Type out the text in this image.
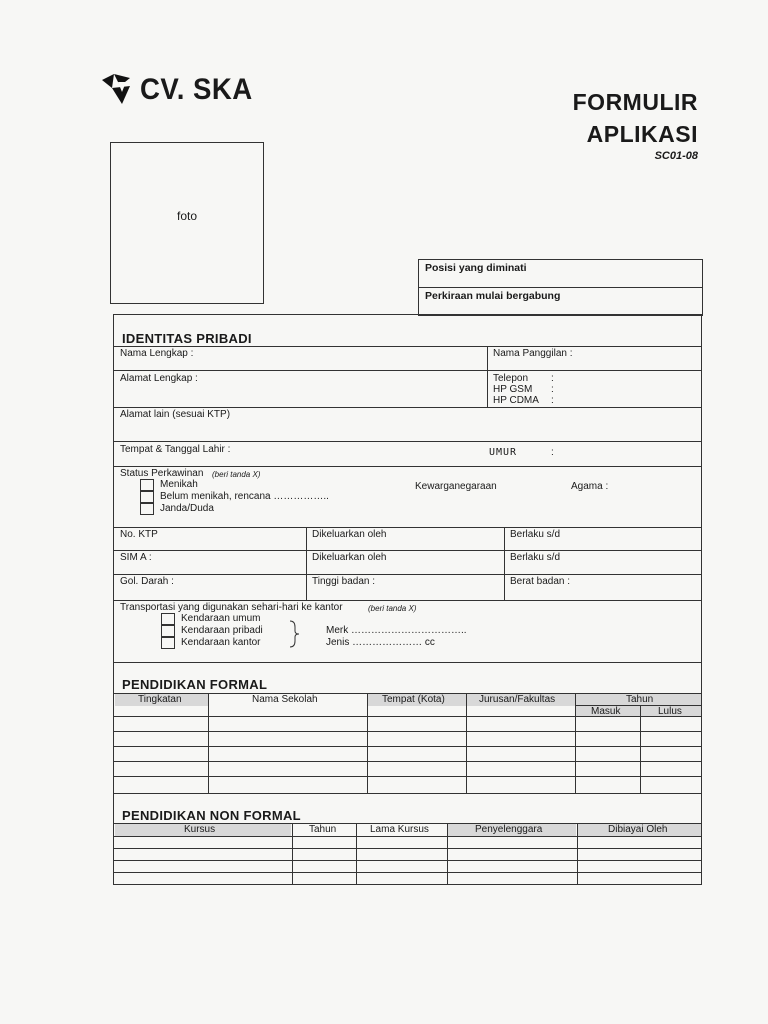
CV. SKA	FORMULIR
APLIKASI
SC01-08
foto
Posisi yang diminati
Perkiraan mulai bergabung
IDENTITAS PRIBADI
Nama Lengkap :	Nama Panggilan :
Alamat Lengkap :	Telepon :
HP GSM :
HP CDMA :
Alamat lain (sesuai KTP)
Tempat & Tanggal Lahir :	UMUR	:
Status Perkawinan (beri tanda X)
Menikah
Belum menikah, rencana ……………..
Janda/Duda
Kewarganegaraan	Agama :
No. KTP	Dikeluarkan oleh	Berlaku s/d
SIM A :	Dikeluarkan oleh	Berlaku s/d
Gol. Darah :	Tinggi badan :	Berat badan :
Transportasi yang digunakan sehari-hari ke kantor	(beri tanda X)
Kendaraan umum
Kendaraan pribadi
Kendaraan kantor
Merk ……………………………..
Jenis ………………… cc
PENDIDIKAN FORMAL
Tingkatan	Nama Sekolah	Tempat (Kota)	Jurusan/Fakultas	Tahun
Masuk	Lulus
PENDIDIKAN NON FORMAL
Kursus	Tahun	Lama Kursus	Penyelenggara	Dibiayai Oleh
